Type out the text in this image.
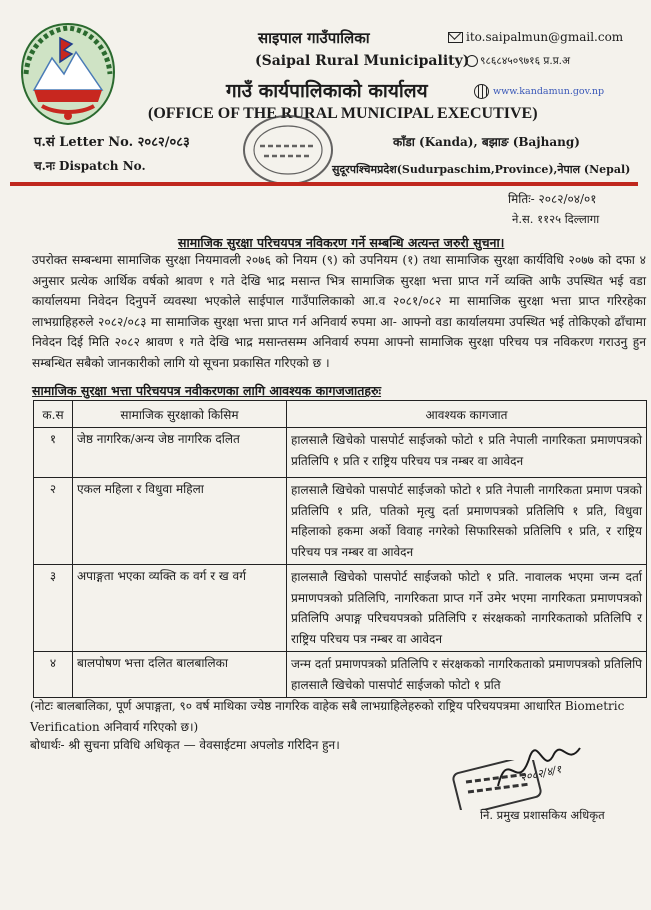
साइपाल गाउँपालिका
(Saipal Rural Municipality)
गाउँ कार्यपालिकाको कार्यालय
(OFFICE OF THE RURAL MUNICIPAL EXECUTIVE)
ito.saipalmun@gmail.com
९८६८४५०९७१६ प्र.प्र.अ
www.kandamun.gov.np
प.सं Letter No. २०८२/०८३
च.नः Dispatch No.
काँडा (Kanda), बझाङ (Bajhang)
सुदूरपश्चिमप्रदेश(Sudurpaschim,Province),नेपाल (Nepal)
मितिः- २०८२/०४/०१
ने.स. ११२५ दिल्लागा
सामाजिक सुरक्षा परिचयपत्र नविकरण गर्ने सम्बन्धि अत्यन्त जरुरी सुचना।
उपरोक्त सम्बन्धमा सामाजिक सुरक्षा नियमावली २०७६ को नियम (९) को उपनियम (१) तथा सामाजिक सुरक्षा कार्यविधि २०७७ को दफा ४ अनुसार प्रत्येक आर्थिक वर्षको श्रावण १ गते देखि भाद्र मसान्त भित्र सामाजिक सुरक्षा भत्ता प्राप्त गर्ने व्यक्ति आफै उपस्थित भई वडा कार्यालयमा निवेदन दिनुपर्ने व्यवस्था भएकोले साईपाल गाउँपालिकाको आ.व २०८१/०८२ मा सामाजिक सुरक्षा भत्ता प्राप्त गरिरहेका लाभग्राहिहरुले २०८२/०८३ मा सामाजिक सुरक्षा भत्ता प्राप्त गर्न अनिवार्य रुपमा आ- आफ्नो वडा कार्यालयमा उपस्थित भई तोकिएको ढाँचामा निवेदन दिई मिति २०८२ श्रावण १ गते देखि भाद्र मसान्तसम्म अनिवार्य रुपमा आफ्नो सामाजिक सुरक्षा परिचय पत्र नविकरण गराउनु हुन सम्बन्धित सबैको जानकारीको लागि यो सूचना प्रकासित गरिएको छ ।
सामाजिक सुरक्षा भत्ता परिचयपत्र नवीकरणका लागि आवश्यक कागजजातहरुः
क.स	सामाजिक सुरक्षाको किसिम	आवश्यक कागजात
१	जेष्ठ नागरिक/अन्य जेष्ठ नागरिक दलित	हालसालै खिचेको पासपोर्ट साईजको फोटो १ प्रति नेपाली नागरिकता प्रमाणपत्रको प्रतिलिपि १ प्रति र राष्ट्रिय परिचय पत्र नम्बर वा आवेदन
२	एकल महिला र विधुवा महिला	हालसालै खिचेको पासपोर्ट साईजको फोटो १ प्रति नेपाली नागरिकता प्रमाण पत्रको प्रतिलिपि १ प्रति, पतिको मृत्यु दर्ता प्रमाणपत्रको प्रतिलिपि १ प्रति, विधुवा महिलाको हकमा अर्को विवाह नगरेको सिफारिसको प्रतिलिपि १ प्रति, र राष्ट्रिय परिचय पत्र नम्बर वा आवेदन
३	अपाङ्गता भएका व्यक्ति क वर्ग र ख वर्ग	हालसालै खिचेको पासपोर्ट साईजको फोटो १ प्रति. नावालक भएमा जन्म दर्ता प्रमाणपत्रको प्रतिलिपि, नागरिकता प्राप्त गर्ने उमेर भएमा नागरिकता प्रमाणपत्रको प्रतिलिपि अपाङ्ग परिचयपत्रको प्रतिलिपि र संरक्षकको नागरिकताको प्रतिलिपि र राष्ट्रिय परिचय पत्र नम्बर वा आवेदन
४	बालपोषण भत्ता दलित बालबालिका	जन्म दर्ता प्रमाणपत्रको प्रतिलिपि र संरक्षकको नागरिकताको प्रमाणपत्रको प्रतिलिपि हालसालै खिचेको पासपोर्ट साईजको फोटो १ प्रति
(नोटः बालबालिका, पूर्ण अपाङ्गता, ९० वर्ष माथिका ज्येष्ठ नागरिक वाहेक सबै लाभग्राहिलेहरुको राष्ट्रिय परिचयपत्रमा आधारित Biometric Verification अनिवार्य गरिएको छ।)
बोधार्थः- श्री सुचना प्रविधि अधिकृत — वेवसाईटमा अपलोड गरिदिन हुन।
२०८२/४/१
नि. प्रमुख प्रशासकिय अधिकृत
